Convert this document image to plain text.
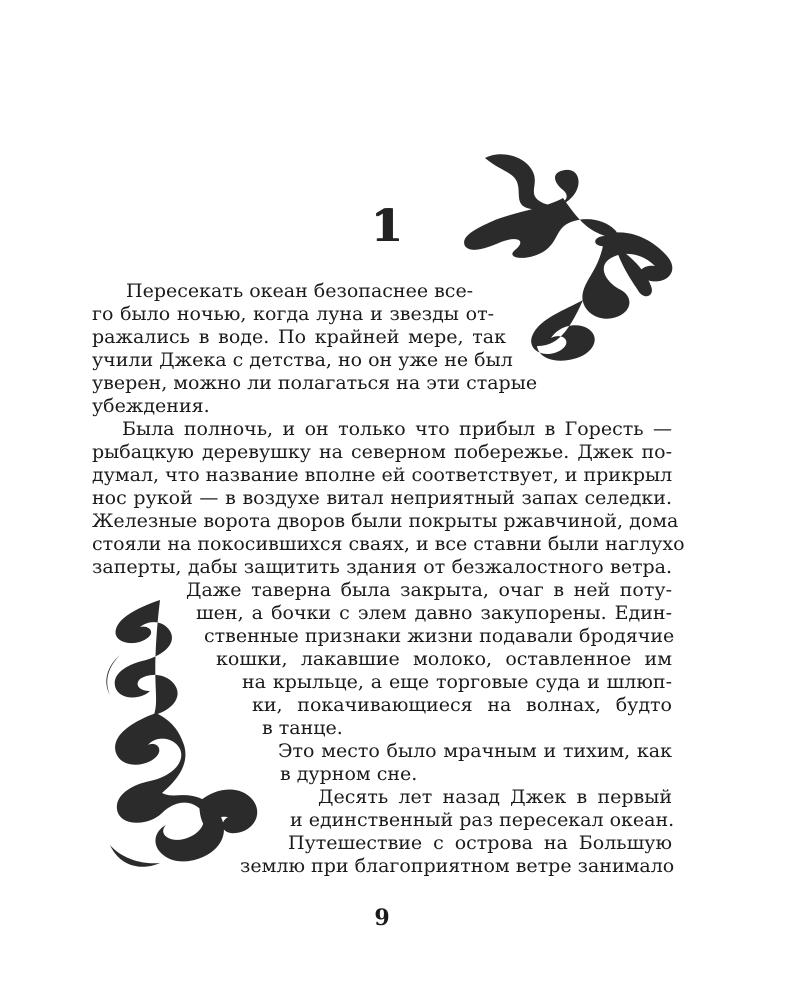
1
Пересекать океан безопаснее все-
го было ночью, когда луна и звезды от-
ражались в воде. По крайней мере, так
учили Джека с детства, но он уже не был
уверен, можно ли полагаться на эти старые
убеждения.
Была полночь, и он только что прибыл в Горесть —
рыбацкую деревушку на северном побережье. Джек по-
думал, что название вполне ей соответствует, и прикрыл
нос рукой — в воздухе витал неприятный запах селедки.
Железные ворота дворов были покрыты ржавчиной, дома
стояли на покосившихся сваях, и все ставни были наглухо
заперты, дабы защитить здания от безжалостного ветра.
Даже таверна была закрыта, очаг в ней поту-
шен, а бочки с элем давно закупорены. Един-
ственные признаки жизни подавали бродячие
кошки, лакавшие молоко, оставленное им
на крыльце, а еще торговые суда и шлюп-
ки, покачивающиеся на волнах, будто
в танце.
Это место было мрачным и тихим, как
в дурном сне.
Десять лет назад Джек в первый
и единственный раз пересекал океан.
Путешествие с острова на Большую
землю при благоприятном ветре занимало
9
